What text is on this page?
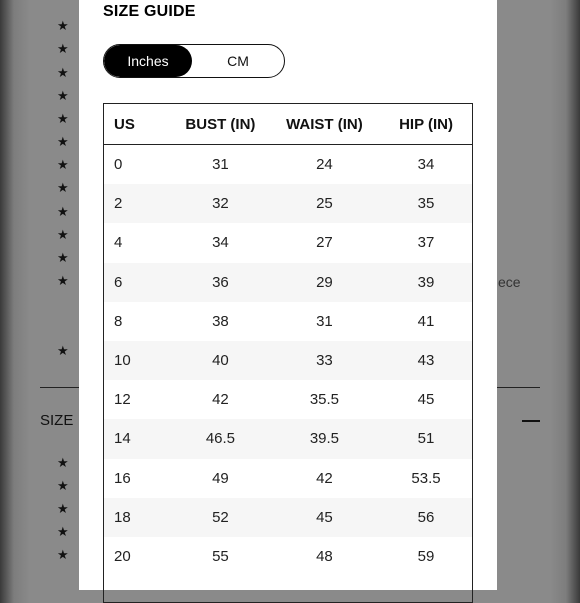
★
★
★
★
★
★
★
★
★
★
★
★
★
★
★
★
★
★
SIZE
ece
SIZE GUIDE
Inches	CM
US	BUST (IN)	WAIST (IN)	HIP (IN)
0	31	24	34
2	32	25	35
4	34	27	37
6	36	29	39
8	38	31	41
10	40	33	43
12	42	35.5	45
14	46.5	39.5	51
16	49	42	53.5
18	52	45	56
20	55	48	59
